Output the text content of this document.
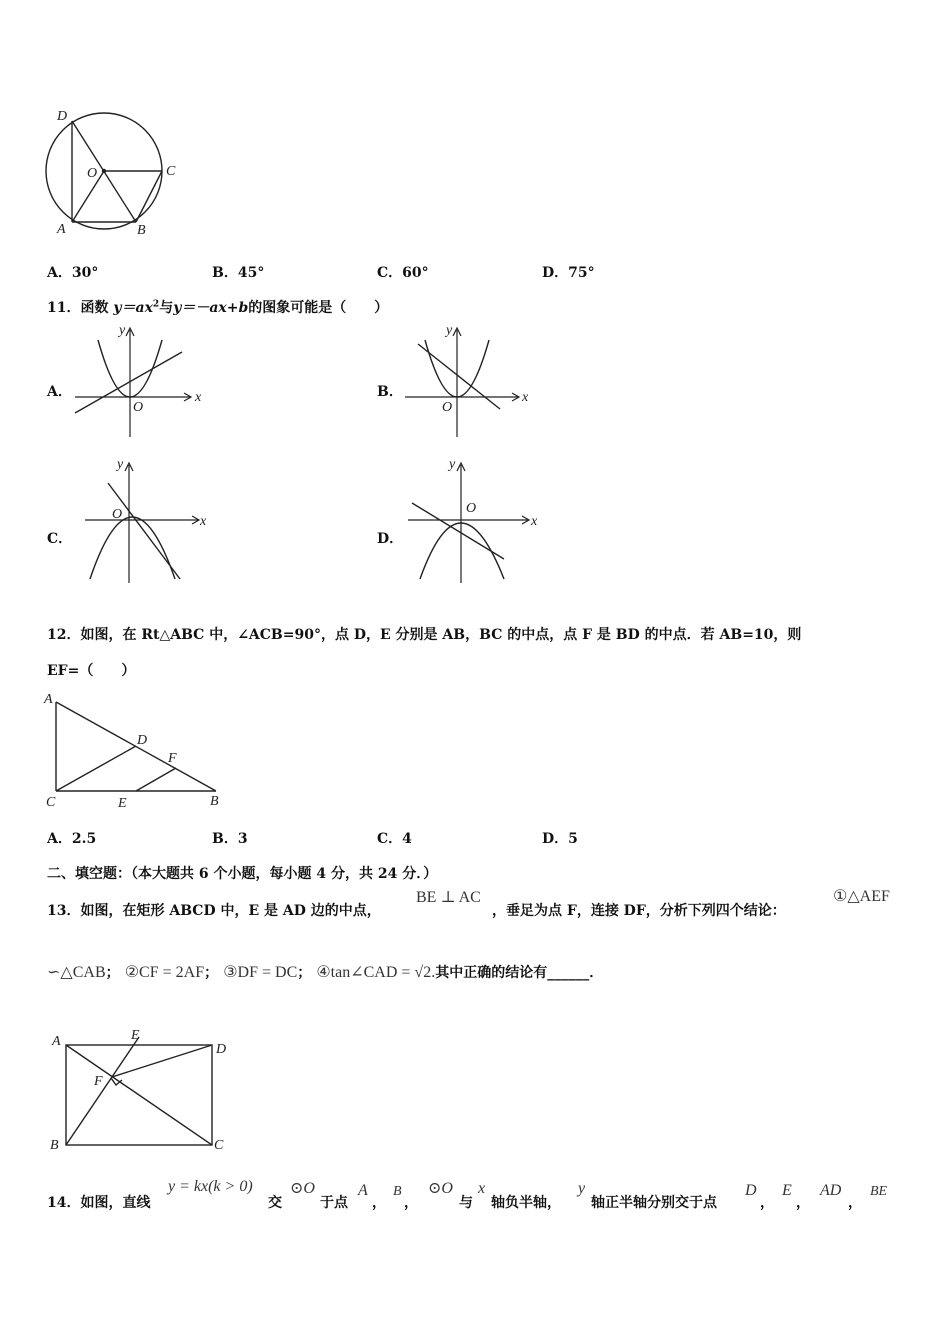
D
O	C
A	B
A．30°	B．45°	C．60°	D．75°
11．函数 $y=ax^2$与y＝－ax+b的图象可能是（　　）
A．	x
y
O
B．	x
y
O
C．
x
y
O
D．
x
y
O
12．如图，在 Rt△ABC 中，∠ACB=90°，点 D，E 分别是 AB，BC 的中点，点 F 是 BD 的中点．若 AB=10，则
EF=（　　）
A
D
F
C	E	B
A．2.5	B．3	C．4	D．5
二、填空题：（本大题共 6 个小题，每小题 4 分，共 24 分．）
13．如图，在矩形 ABCD 中，E 是 AD 边的中点，
BE ⊥ AC
，垂足为点 F，连接 DF，分析下列四个结论：
①△AEF
∽△CAB； ②CF = 2AF； ③DF = DC； ④tan∠CAD = √2.其中正确的结论有______．
A	E
D
F
B	C
14．如图，直线
y = kx(k > 0)
交
⊙O
于点
A
，
B
，
⊙O
与
x
轴负半轴，
y
轴正半轴分别交于点
D
，
E
，
AD
，
BE
